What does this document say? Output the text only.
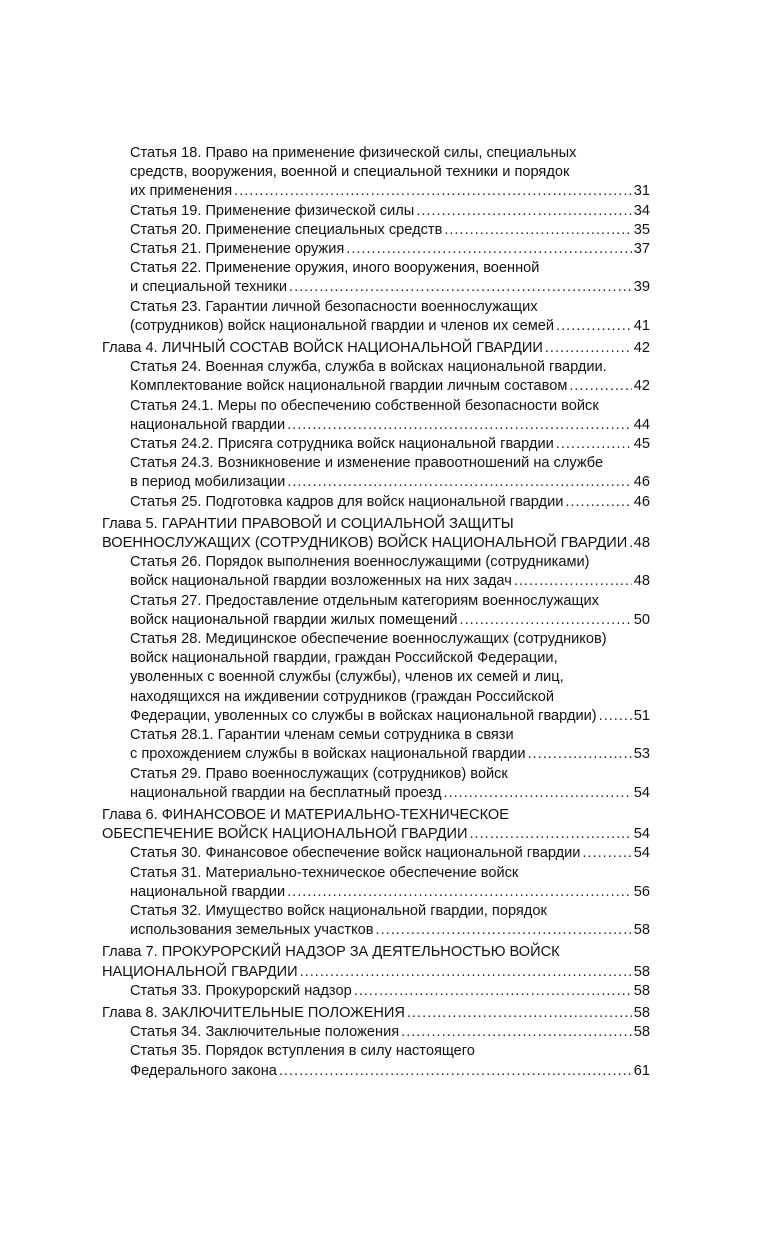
Статья 18. Право на применение физической силы, специальных
средств, вооружения, военной и специальной техники и порядок
их применения .....	31
Статья 19. Применение физической силы .....	34
Статья 20. Применение специальных средств .....	35
Статья 21. Применение оружия .....	37
Статья 22. Применение оружия, иного вооружения, военной
и специальной техники .....	39
Статья 23. Гарантии личной безопасности военнослужащих
(сотрудников) войск национальной гвардии и членов их семей .....	41
Глава 4. ЛИЧНЫЙ СОСТАВ ВОЙСК НАЦИОНАЛЬНОЙ ГВАРДИИ .....	42
Статья 24. Военная служба, служба в войсках национальной гвардии.
Комплектование войск национальной гвардии личным составом .....	42
Статья 24.1. Меры по обеспечению собственной безопасности войск
национальной гвардии .....	44
Статья 24.2. Присяга сотрудника войск национальной гвардии .....	45
Статья 24.3. Возникновение и изменение правоотношений на службе
в период мобилизации .....	46
Статья 25. Подготовка кадров для войск национальной гвардии .....	46
Глава 5. ГАРАНТИИ ПРАВОВОЙ И СОЦИАЛЬНОЙ ЗАЩИТЫ
ВОЕННОСЛУЖАЩИХ (СОТРУДНИКОВ) ВОЙСК НАЦИОНАЛЬНОЙ ГВАРДИИ ..... 48
Статья 26. Порядок выполнения военнослужащими (сотрудниками)
войск национальной гвардии возложенных на них задач .....	48
Статья 27. Предоставление отдельным категориям военнослужащих
войск национальной гвардии жилых помещений .....	50
Статья 28. Медицинское обеспечение военнослужащих (сотрудников)
войск национальной гвардии, граждан Российской Федерации,
уволенных с военной службы (службы), членов их семей и лиц,
находящихся на иждивении сотрудников (граждан Российской
Федерации, уволенных со службы в войсках национальной гвардии) .....	51
Статья 28.1. Гарантии членам семьи сотрудника в связи
с прохождением службы в войсках национальной гвардии .....	53
Статья 29. Право военнослужащих (сотрудников) войск
национальной гвардии на бесплатный проезд .....	54
Глава 6. ФИНАНСОВОЕ И МАТЕРИАЛЬНО-ТЕХНИЧЕСКОЕ
ОБЕСПЕЧЕНИЕ ВОЙСК НАЦИОНАЛЬНОЙ ГВАРДИИ .....	54
Статья 30. Финансовое обеспечение войск национальной гвардии .....	54
Статья 31. Материально-техническое обеспечение войск
национальной гвардии .....	56
Статья 32. Имущество войск национальной гвардии, порядок
использования земельных участков .....	58
Глава 7. ПРОКУРОРСКИЙ НАДЗОР ЗА ДЕЯТЕЛЬНОСТЬЮ ВОЙСК
НАЦИОНАЛЬНОЙ ГВАРДИИ .....	58
Статья 33. Прокурорский надзор .....	58
Глава 8. ЗАКЛЮЧИТЕЛЬНЫЕ ПОЛОЖЕНИЯ .....	58
Статья 34. Заключительные положения .....	58
Статья 35. Порядок вступления в силу настоящего
Федерального закона .....	61
